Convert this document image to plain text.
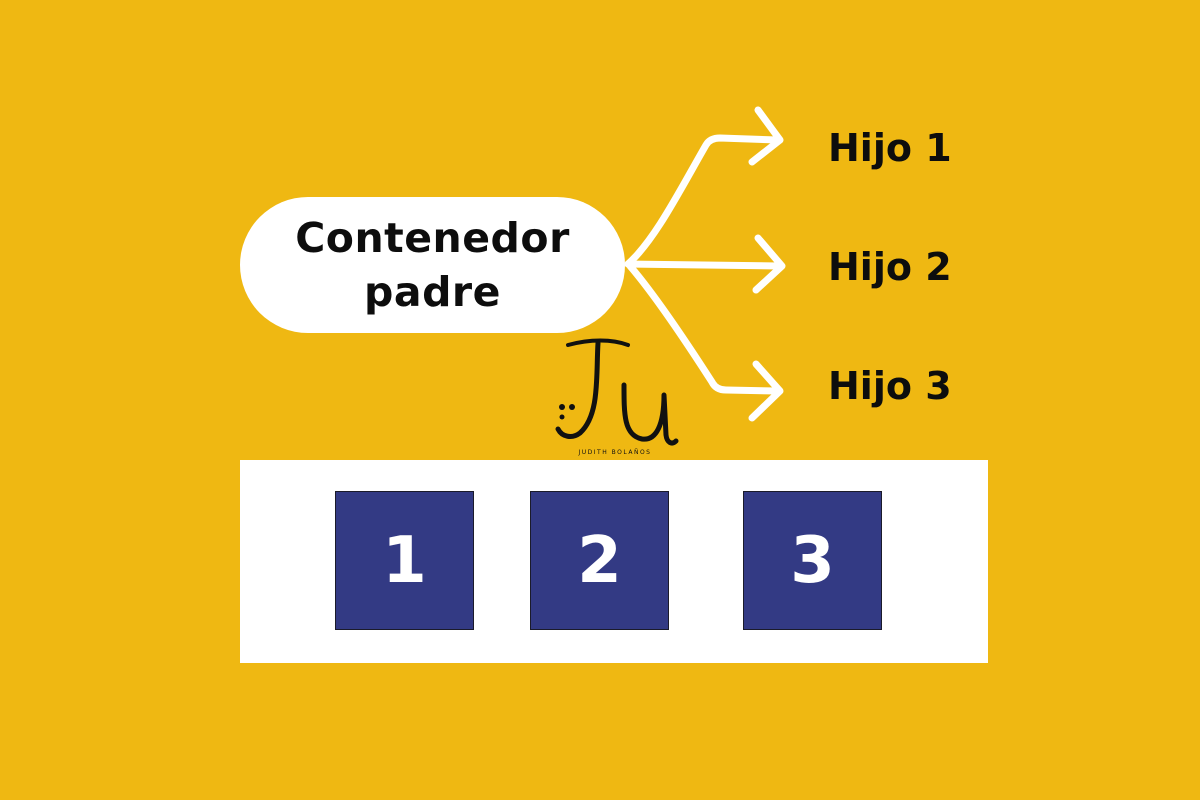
Contenedor
padre
Hijo 1
Hijo 2
Hijo 3
JUDITH BOLAÑOS
1 2	3
